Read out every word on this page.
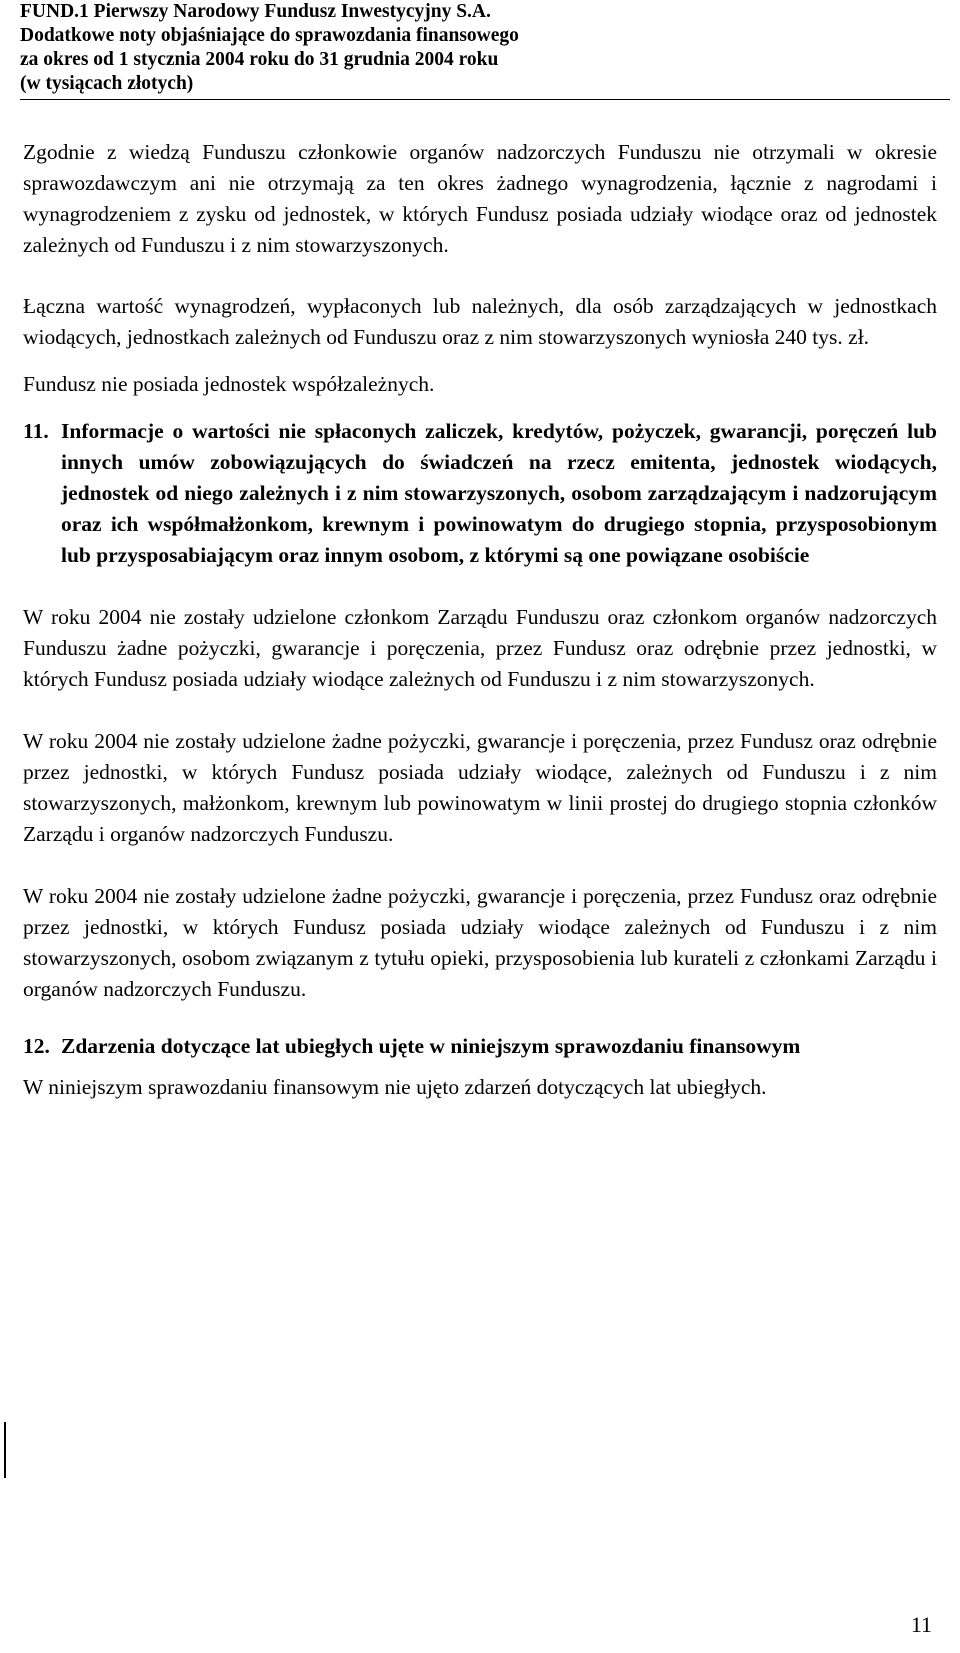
FUND.1 Pierwszy Narodowy Fundusz Inwestycyjny S.A.
Dodatkowe noty objaśniające do sprawozdania finansowego
za okres od 1 stycznia 2004 roku do 31 grudnia 2004 roku
(w tysiącach złotych)

Zgodnie z wiedzą Funduszu członkowie organów nadzorczych Funduszu nie otrzymali w okresie sprawozdawczym ani nie otrzymają za ten okres żadnego wynagrodzenia, łącznie z nagrodami i wynagrodzeniem z zysku od jednostek, w których Fundusz posiada udziały wiodące oraz od jednostek zależnych od Funduszu i z nim stowarzyszonych.

Łączna wartość wynagrodzeń, wypłaconych lub należnych, dla osób zarządzających w jednostkach wiodących, jednostkach zależnych od Funduszu oraz z nim stowarzyszonych wyniosła 240 tys. zł.

Fundusz nie posiada jednostek współzależnych.

11. Informacje o wartości nie spłaconych zaliczek, kredytów, pożyczek, gwarancji, poręczeń lub innych umów zobowiązujących do świadczeń na rzecz emitenta, jednostek wiodących, jednostek od niego zależnych i z nim stowarzyszonych, osobom zarządzającym i nadzorującym oraz ich współmałżonkom, krewnym i powinowatym do drugiego stopnia, przysposobionym lub przysposabiającym oraz innym osobom, z którymi są one powiązane osobiście

W roku 2004 nie zostały udzielone członkom Zarządu Funduszu oraz członkom organów nadzorczych Funduszu żadne pożyczki, gwarancje i poręczenia, przez Fundusz oraz odrębnie przez jednostki, w których Fundusz posiada udziały wiodące zależnych od Funduszu i z nim stowarzyszonych.

W roku 2004 nie zostały udzielone żadne pożyczki, gwarancje i poręczenia, przez Fundusz oraz odrębnie przez jednostki, w których Fundusz posiada udziały wiodące, zależnych od Funduszu i z nim stowarzyszonych, małżonkom, krewnym lub powinowatym w linii prostej do drugiego stopnia członków Zarządu i organów nadzorczych Funduszu.

W roku 2004 nie zostały udzielone żadne pożyczki, gwarancje i poręczenia, przez Fundusz oraz odrębnie przez jednostki, w których Fundusz posiada udziały wiodące zależnych od Funduszu i z nim stowarzyszonych, osobom związanym z tytułu opieki, przysposobienia lub kurateli z członkami Zarządu i organów nadzorczych Funduszu.

12. Zdarzenia dotyczące lat ubiegłych ujęte w niniejszym sprawozdaniu finansowym

W niniejszym sprawozdaniu finansowym nie ujęto zdarzeń dotyczących lat ubiegłych.

11
